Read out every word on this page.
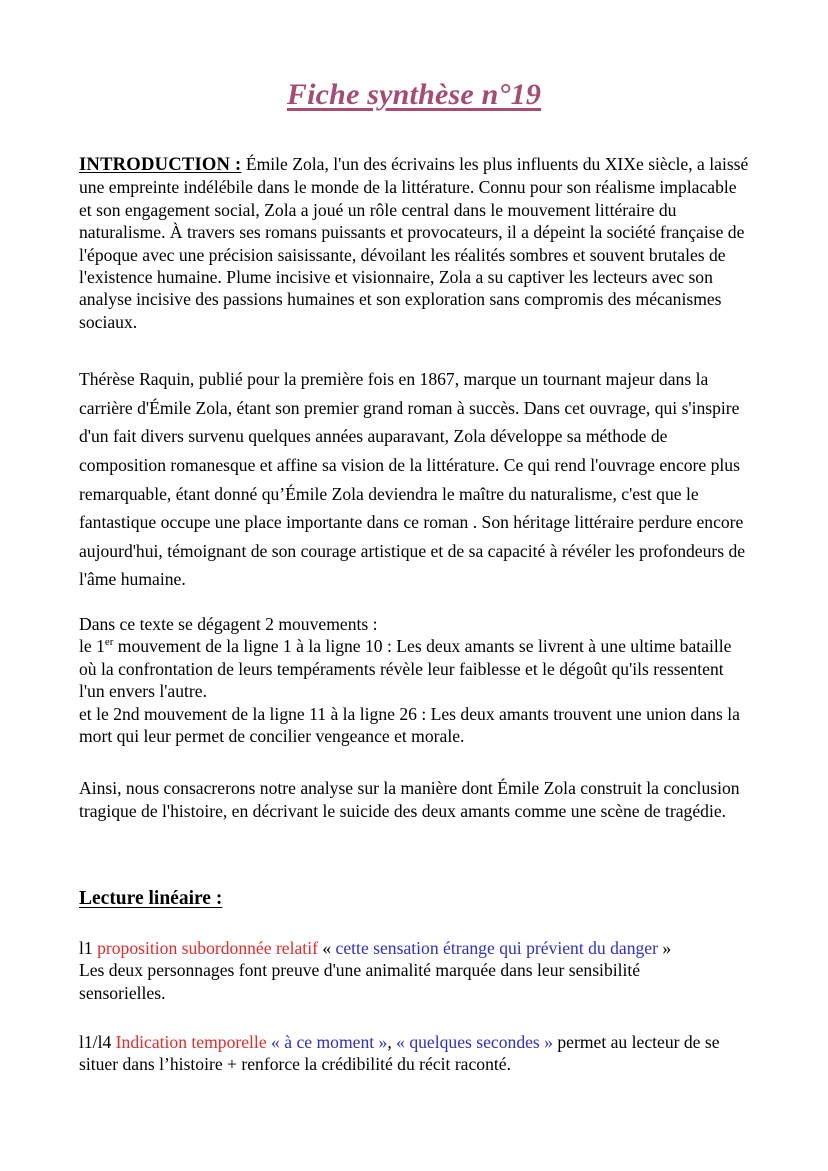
Fiche synthèse n°19

INTRODUCTION : Émile Zola, l'un des écrivains les plus influents du XIXe siècle, a laissé une empreinte indélébile dans le monde de la littérature. Connu pour son réalisme implacable et son engagement social, Zola a joué un rôle central dans le mouvement littéraire du naturalisme. À travers ses romans puissants et provocateurs, il a dépeint la société française de l'époque avec une précision saisissante, dévoilant les réalités sombres et souvent brutales de l'existence humaine. Plume incisive et visionnaire, Zola a su captiver les lecteurs avec son analyse incisive des passions humaines et son exploration sans compromis des mécanismes sociaux.

Thérèse Raquin, publié pour la première fois en 1867, marque un tournant majeur dans la carrière d'Émile Zola, étant son premier grand roman à succès. Dans cet ouvrage, qui s'inspire d'un fait divers survenu quelques années auparavant, Zola développe sa méthode de composition romanesque et affine sa vision de la littérature. Ce qui rend l'ouvrage encore plus remarquable, étant donné qu’Émile Zola deviendra le maître du naturalisme, c'est que le fantastique occupe une place importante dans ce roman . Son héritage littéraire perdure encore aujourd'hui, témoignant de son courage artistique et de sa capacité à révéler les profondeurs de l'âme humaine.

Dans ce texte se dégagent 2 mouvements :
le 1er mouvement de la ligne 1 à la ligne 10 : Les deux amants se livrent à une ultime bataille où la confrontation de leurs tempéraments révèle leur faiblesse et le dégoût qu'ils ressentent l'un envers l'autre.
et le 2nd mouvement de la ligne 11 à la ligne 26 : Les deux amants trouvent une union dans la mort qui leur permet de concilier vengeance et morale.

Ainsi, nous consacrerons notre analyse sur la manière dont Émile Zola construit la conclusion tragique de l'histoire, en décrivant le suicide des deux amants comme une scène de tragédie.

Lecture linéaire :

l1 proposition subordonnée relatif « cette sensation étrange qui prévient du danger »
Les deux personnages font preuve d'une animalité marquée dans leur sensibilité
sensorielles.

l1/l4 Indication temporelle « à ce moment », « quelques secondes » permet au lecteur de se situer dans l’histoire + renforce la crédibilité du récit raconté.
